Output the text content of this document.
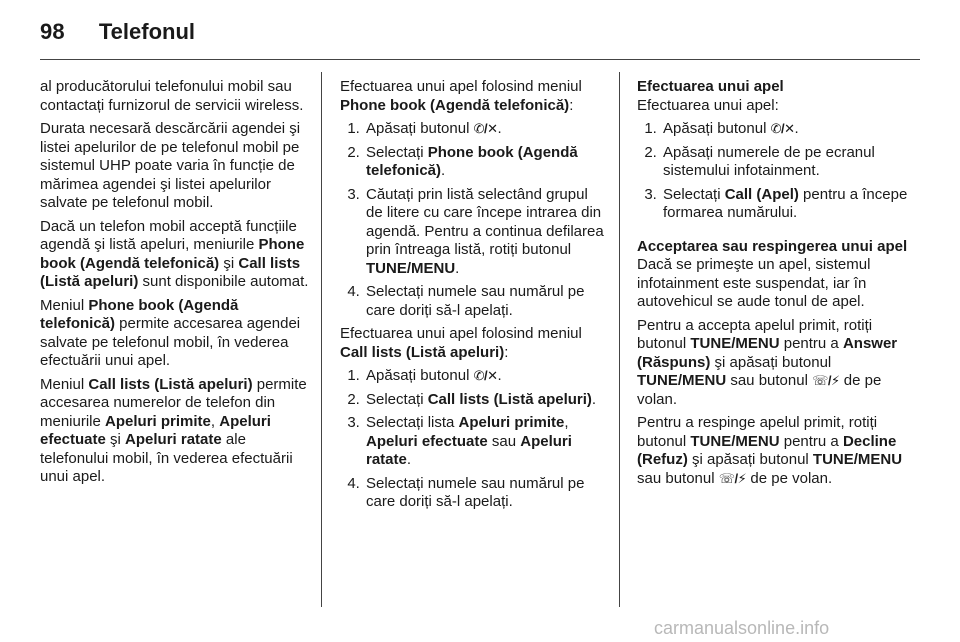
98 Telefonul

al producătorului telefonului mobil sau contactați furnizorul de servicii wireless.

Durata necesară descărcării agendei şi listei apelurilor de pe telefonul mobil pe sistemul UHP poate varia în funcție de mărimea agendei şi listei apelurilor salvate pe telefonul mobil.

Dacă un telefon mobil acceptă funcțiile agendă şi listă apeluri, meniurile Phone book (Agendă telefonică) şi Call lists (Listă apeluri) sunt disponibile automat.

Meniul Phone book (Agendă telefonică) permite accesarea agendei salvate pe telefonul mobil, în vederea efectuării unui apel.

Meniul Call lists (Listă apeluri) permite accesarea numerelor de telefon din meniurile Apeluri primite, Apeluri efectuate şi Apeluri ratate ale telefonului mobil, în vederea efectuării unui apel.

Efectuarea unui apel folosind meniul Phone book (Agendă telefonică):

1. Apăsați butonul ✆/✕.
2. Selectați Phone book (Agendă telefonică).
3. Căutați prin listă selectând grupul de litere cu care începe intrarea din agendă. Pentru a continua defilarea prin întreaga listă, rotiți butonul TUNE/MENU.
4. Selectați numele sau numărul pe care doriți să-l apelați.

Efectuarea unui apel folosind meniul Call lists (Listă apeluri):

1. Apăsați butonul ✆/✕.
2. Selectați Call lists (Listă apeluri).
3. Selectați lista Apeluri primite, Apeluri efectuate sau Apeluri ratate.
4. Selectați numele sau numărul pe care doriți să-l apelați.
Efectuarea unui apel

Efectuarea unui apel:

1. Apăsați butonul ✆/✕.
2. Apăsați numerele de pe ecranul sistemului infotainment.
3. Selectați Call (Apel) pentru a începe formarea numărului.
Acceptarea sau respingerea unui apel

Dacă se primeşte un apel, sistemul infotainment este suspendat, iar în autovehicul se aude tonul de apel.

Pentru a accepta apelul primit, rotiți butonul TUNE/MENU pentru a Answer (Răspuns) şi apăsați butonul TUNE/MENU sau butonul ☏/⚡ de pe volan.

Pentru a respinge apelul primit, rotiți butonul TUNE/MENU pentru a Decline (Refuz) şi apăsați butonul TUNE/MENU sau butonul ☏/⚡ de pe volan.

carmanualsonline.info
